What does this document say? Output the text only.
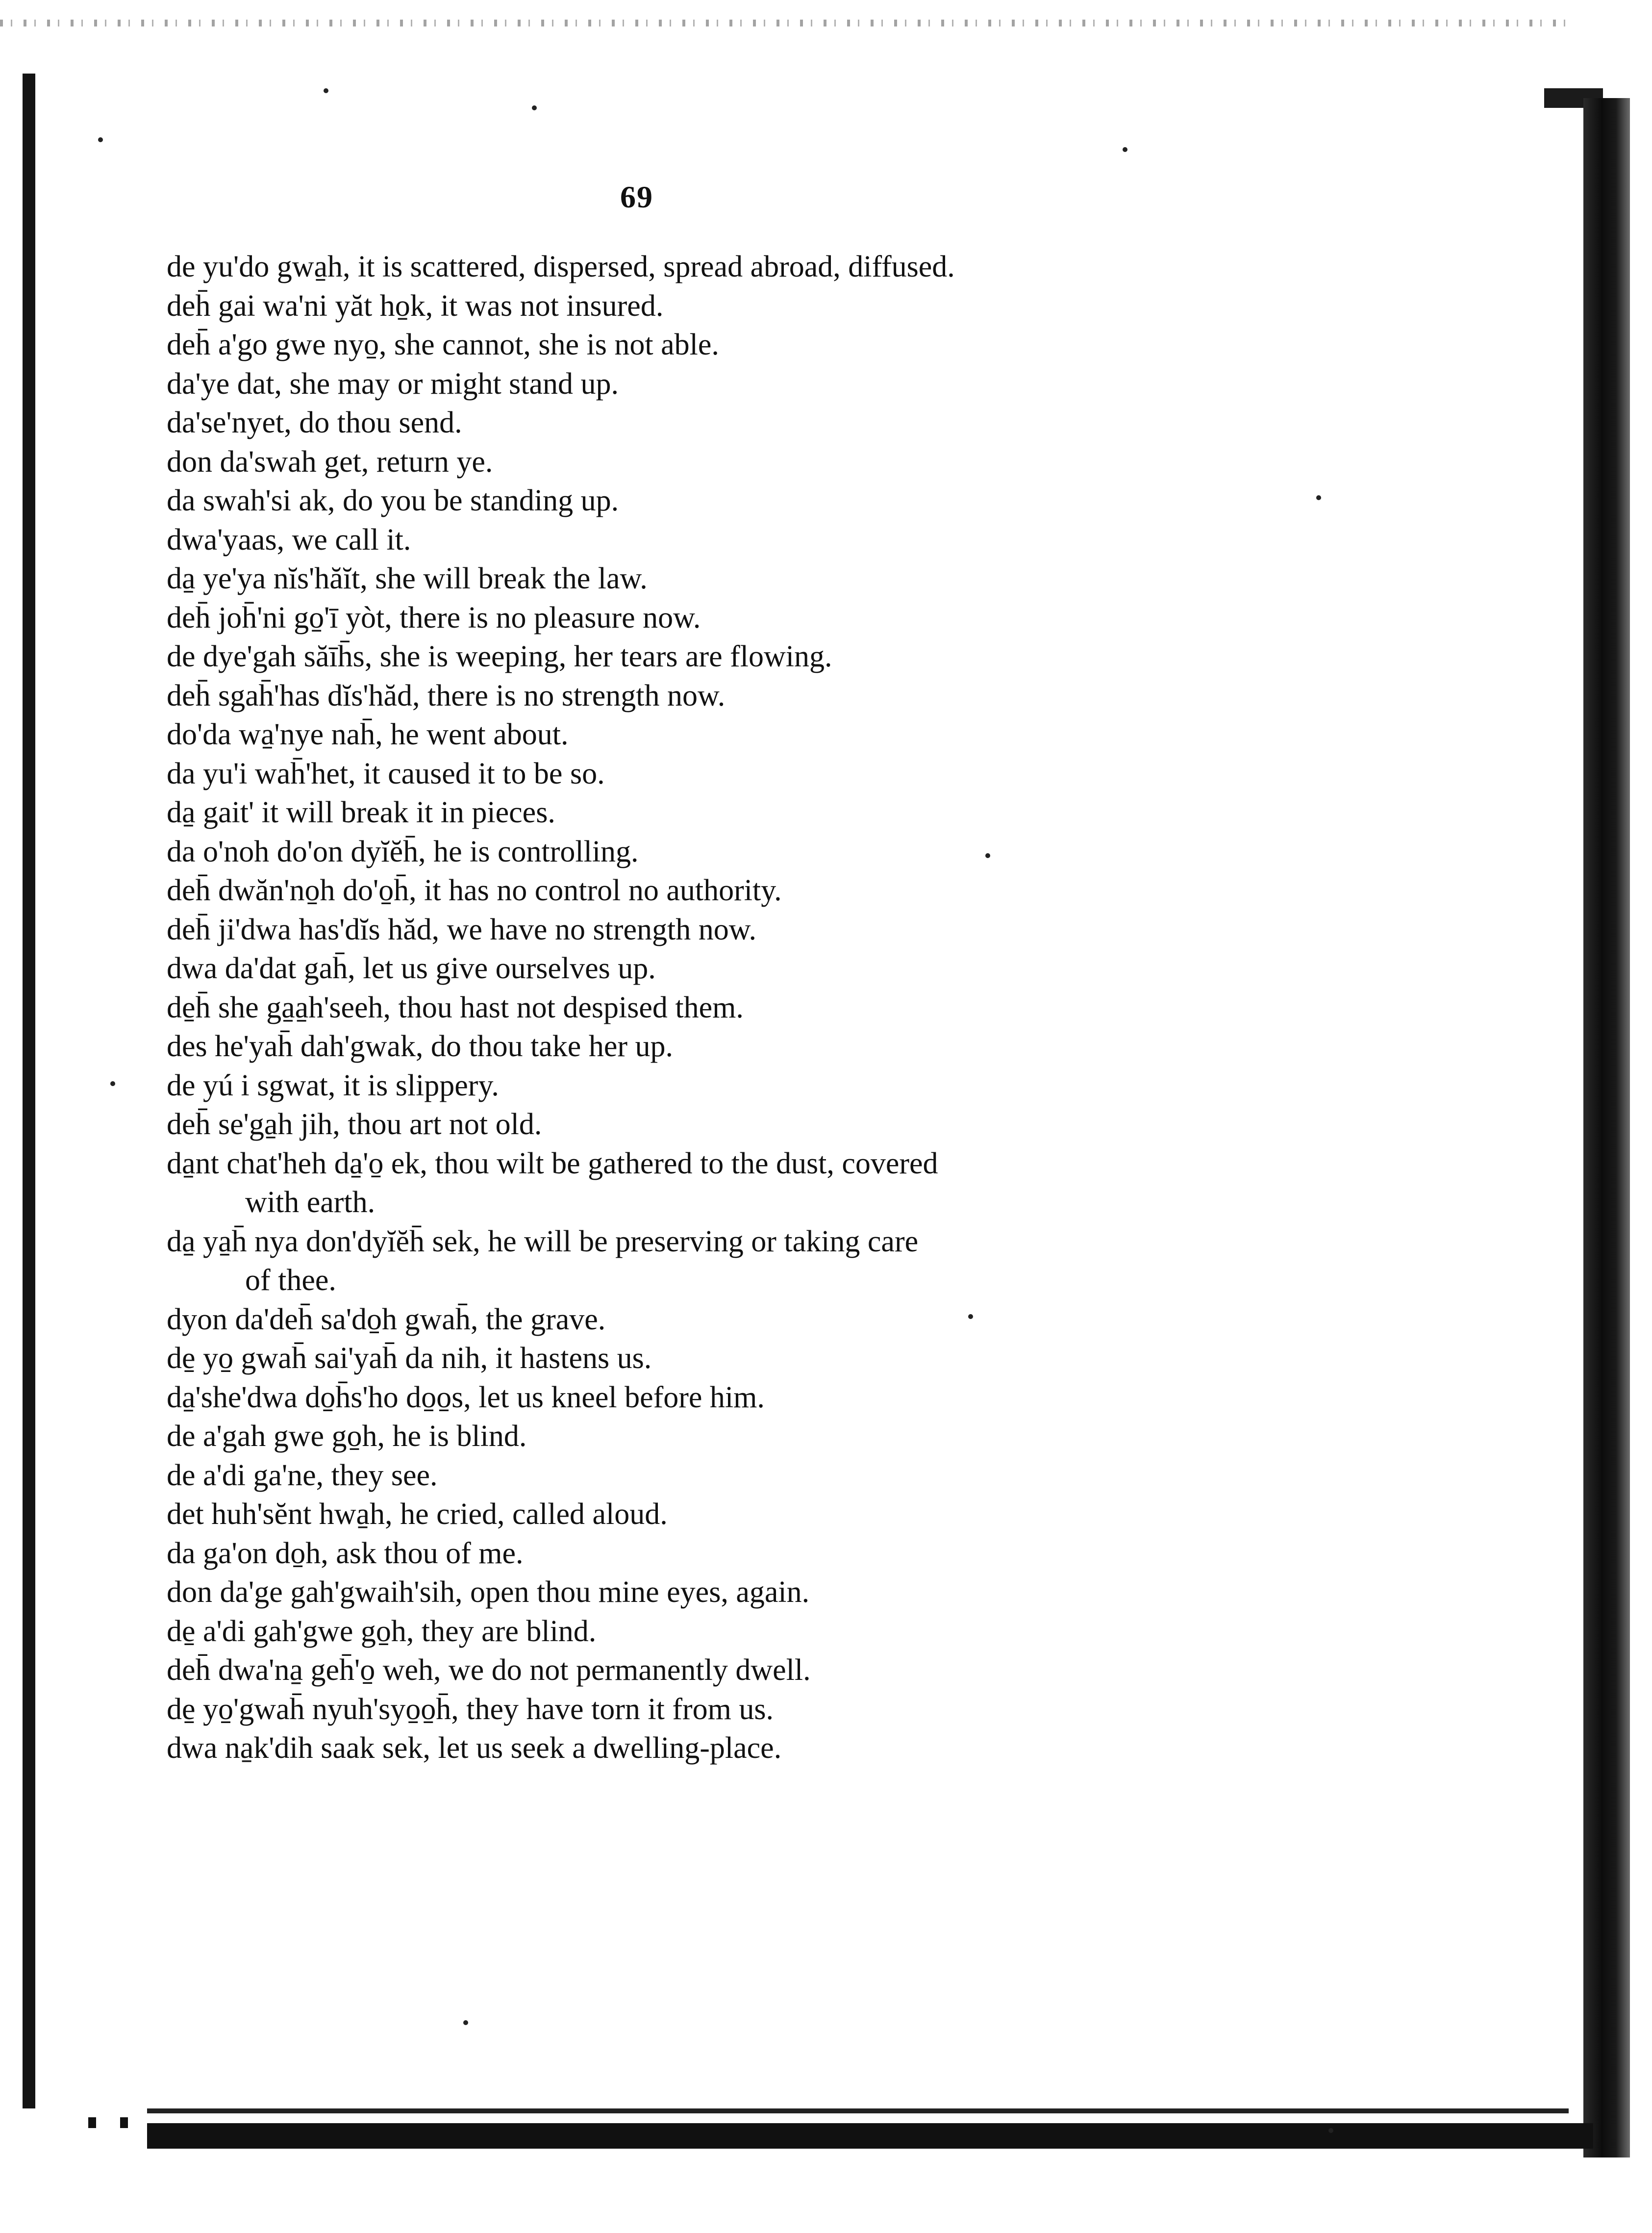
69
de yu'do gwa̱h, it is scattered, dispersed, spread abroad, diffused.
deh̄ gai wa'ni yăt ho̱k, it was not insured.
deh̄ a'go gwe nyo̱, she cannot, she is not able.
da'ye dat, she may or might stand up.
da'se'nyet, do thou send.
don da'swah get, return ye.
da swah'si ak, do you be standing up.
dwa'yaas, we call it.
da̱ ye'ya nĭs'hăĭt, she will break the law.
deh̄ joh̄'ni go̱'ī yòt, there is no pleasure now.
de dye'gah săīh̄s, she is weeping, her tears are flowing.
deh̄ sgah̄'has dĭs'hăd, there is no strength now.
do'da wa̱'nye nah̄, he went about.
da yu'i wah̄'het, it caused it to be so.
da̱ gait' it will break it in pieces.
da o'noh do'on dyĭĕh̄, he is controlling.
deh̄ dwăn'no̱h do'o̱h̄, it has no control no authority.
deh̄ ji'dwa has'dĭs hăd, we have no strength now.
dwa da'dat gah̄, let us give ourselves up.
de̱h̄ she ga̱a̱h'seeh, thou hast not despised them.
des he'yah̄ dah'gwak, do thou take her up.
de yú i sgwat, it is slippery.
deh̄ se'ga̱h jih, thou art not old.
da̱nt chat'heh da̱'o̱ ek, thou wilt be gathered to the dust, covered
with earth.
da̱ ya̱h̄ nya don'dyĭĕh̄ sek, he will be preserving or taking care
of thee.
dyon da'deh̄ sa'do̱h gwah̄, the grave.
de̱ yo̱ gwah̄ sai'yah̄ da nih, it hastens us.
da̱'she'dwa do̱h̄s'ho do̱o̱s, let us kneel before him.
de a'gah gwe go̱h, he is blind.
de a'di ga'ne, they see.
det huh'sĕnt hwa̱h, he cried, called aloud.
da ga'on do̱h, ask thou of me.
don da'ge gah'gwaih'sih, open thou mine eyes, again.
de̱ a'di gah'gwe go̱h, they are blind.
deh̄ dwa'na̱ geh̄'o̱ weh, we do not permanently dwell.
de̱ yo̱'gwah̄ nyuh'syo̱o̱h̄, they have torn it from us.
dwa na̱k'dih saak sek, let us seek a dwelling-place.
